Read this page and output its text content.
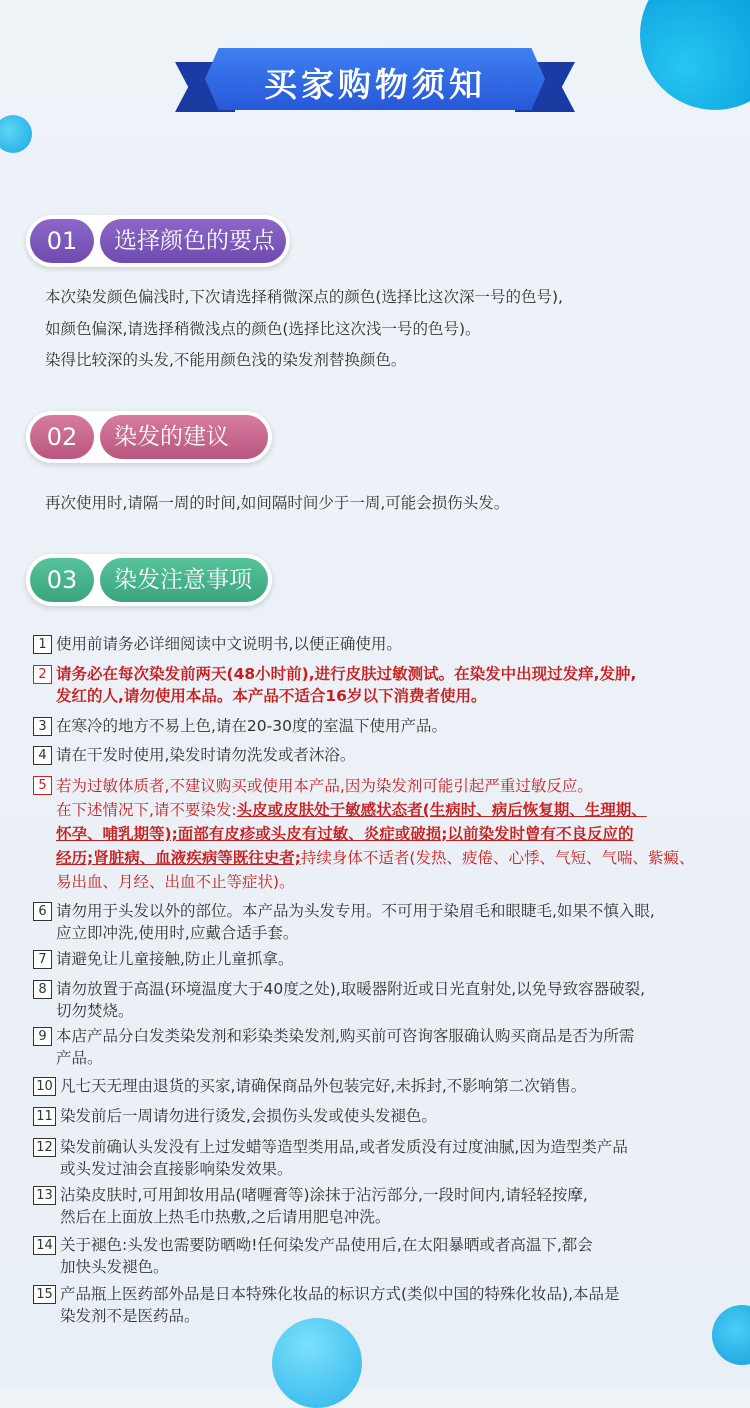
买家购物须知
01	选择颜色的要点
本次染发颜色偏浅时,下次请选择稍微深点的颜色(选择比这次深一号的色号),
如颜色偏深,请选择稍微浅点的颜色(选择比这次浅一号的色号)。
染得比较深的头发,不能用颜色浅的染发剂替换颜色。
02	染发的建议
再次使用时,请隔一周的时间,如间隔时间少于一周,可能会损伤头发。
03	染发注意事项
1 使用前请务必详细阅读中文说明书,以便正确使用。
2 请务必在每次染发前两天(48小时前),进行皮肤过敏测试。在染发中出现过发痒,发肿,
发红的人,请勿使用本品。本产品不适合16岁以下消费者使用。
3 在寒冷的地方不易上色,请在20-30度的室温下使用产品。
4 请在干发时使用,染发时请勿洗发或者沐浴。
5 若为过敏体质者,不建议购买或使用本产品,因为染发剂可能引起严重过敏反应。
在下述情况下,请不要染发:头皮或皮肤处于敏感状态者(生病时、病后恢复期、生理期、
怀孕、哺乳期等);面部有皮疹或头皮有过敏、炎症或破损;以前染发时曾有不良反应的
经历;肾脏病、血液疾病等既往史者;持续身体不适者(发热、疲倦、心悸、气短、气喘、紫癜、
易出血、月经、出血不止等症状)。
6 请勿用于头发以外的部位。本产品为头发专用。不可用于染眉毛和眼睫毛,如果不慎入眼,
应立即冲洗,使用时,应戴合适手套。
7 请避免让儿童接触,防止儿童抓拿。
8 请勿放置于高温(环境温度大于40度之处),取暖器附近或日光直射处,以免导致容器破裂,
切勿焚烧。
9 本店产品分白发类染发剂和彩染类染发剂,购买前可咨询客服确认购买商品是否为所需
产品。
10 凡七天无理由退货的买家,请确保商品外包装完好,未拆封,不影响第二次销售。
11 染发前后一周请勿进行烫发,会损伤头发或使头发褪色。
12 染发前确认头发没有上过发蜡等造型类用品,或者发质没有过度油腻,因为造型类产品
或头发过油会直接影响染发效果。
13 沾染皮肤时,可用卸妆用品(啫喱膏等)涂抹于沾污部分,一段时间内,请轻轻按摩,
然后在上面放上热毛巾热敷,之后请用肥皂冲洗。
14 关于褪色:头发也需要防晒呦!任何染发产品使用后,在太阳暴晒或者高温下,都会
加快头发褪色。
15 产品瓶上医药部外品是日本特殊化妆品的标识方式(类似中国的特殊化妆品),本品是
染发剂不是医药品。
